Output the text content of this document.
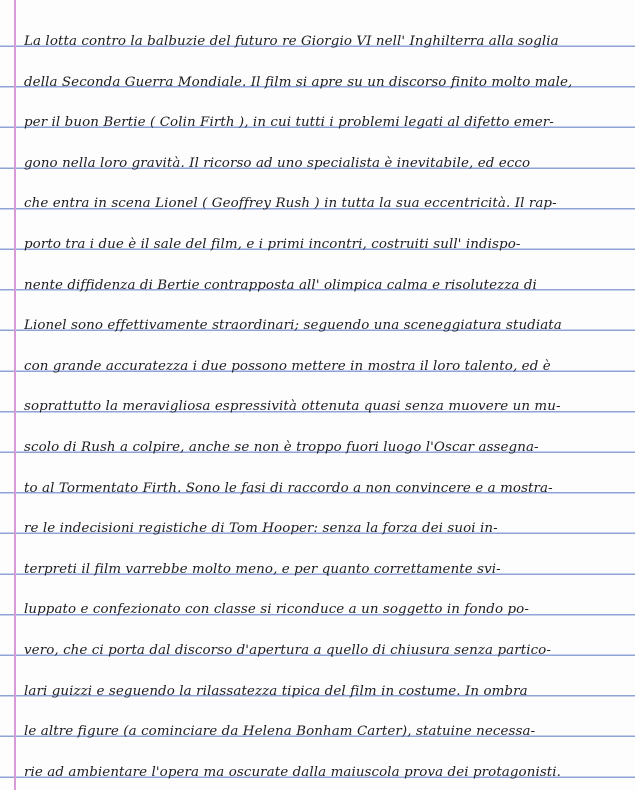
La lotta contro la balbuzie del futuro re Giorgio VI nell' Inghilterra alla soglia
della Seconda Guerra Mondiale. Il film si apre su un discorso finito molto male,
per il buon Bertie ( Colin Firth ), in cui tutti i problemi legati al difetto emer-
gono nella loro gravità. Il ricorso ad uno specialista è inevitabile, ed ecco
che entra in scena Lionel ( Geoffrey Rush ) in tutta la sua eccentricità. Il rap-
porto tra i due è il sale del film, e i primi incontri, costruiti sull' indispo-
nente diffidenza di Bertie contrapposta all' olimpica calma e risolutezza di
Lionel sono effettivamente straordinari; seguendo una sceneggiatura studiata
con grande accuratezza i due possono mettere in mostra il loro talento, ed è
soprattutto la meravigliosa espressività ottenuta quasi senza muovere un mu-
scolo di Rush a colpire, anche se non è troppo fuori luogo l'Oscar assegna-
to al Tormentato Firth. Sono le fasi di raccordo a non convincere e a mostra-
re le indecisioni registiche di Tom Hooper: senza la forza dei suoi in-
terpreti il film varrebbe molto meno, e per quanto correttamente svi-
luppato e confezionato con classe si riconduce a un soggetto in fondo po-
vero, che ci porta dal discorso d'apertura a quello di chiusura senza partico-
lari guizzi e seguendo la rilassatezza tipica del film in costume. In ombra
le altre figure (a cominciare da Helena Bonham Carter), statuine necessa-
rie ad ambientare l'opera ma oscurate dalla maiuscola prova dei protagonisti.
